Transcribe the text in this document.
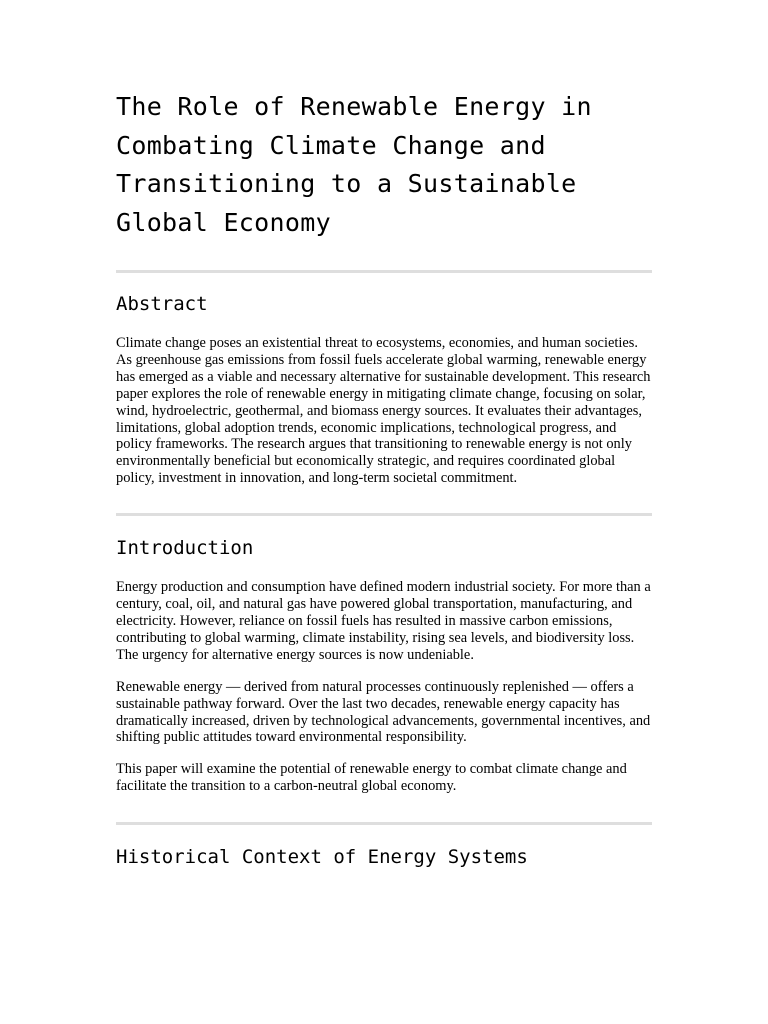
The Role of Renewable Energy in Combating Climate Change and Transitioning to a Sustainable Global Economy
Abstract

Climate change poses an existential threat to ecosystems, economies, and human societies. As greenhouse gas emissions from fossil fuels accelerate global warming, renewable energy has emerged as a viable and necessary alternative for sustainable development. This research paper explores the role of renewable energy in mitigating climate change, focusing on solar, wind, hydroelectric, geothermal, and biomass energy sources. It evaluates their advantages, limitations, global adoption trends, economic implications, technological progress, and policy frameworks. The research argues that transitioning to renewable energy is not only environmentally beneficial but economically strategic, and requires coordinated global policy, investment in innovation, and long-term societal commitment.

Introduction

Energy production and consumption have defined modern industrial society. For more than a century, coal, oil, and natural gas have powered global transportation, manufacturing, and electricity. However, reliance on fossil fuels has resulted in massive carbon emissions, contributing to global warming, climate instability, rising sea levels, and biodiversity loss. The urgency for alternative energy sources is now undeniable.

Renewable energy — derived from natural processes continuously replenished — offers a sustainable pathway forward. Over the last two decades, renewable energy capacity has dramatically increased, driven by technological advancements, governmental incentives, and shifting public attitudes toward environmental responsibility.

This paper will examine the potential of renewable energy to combat climate change and facilitate the transition to a carbon-neutral global economy.

Historical Context of Energy Systems
